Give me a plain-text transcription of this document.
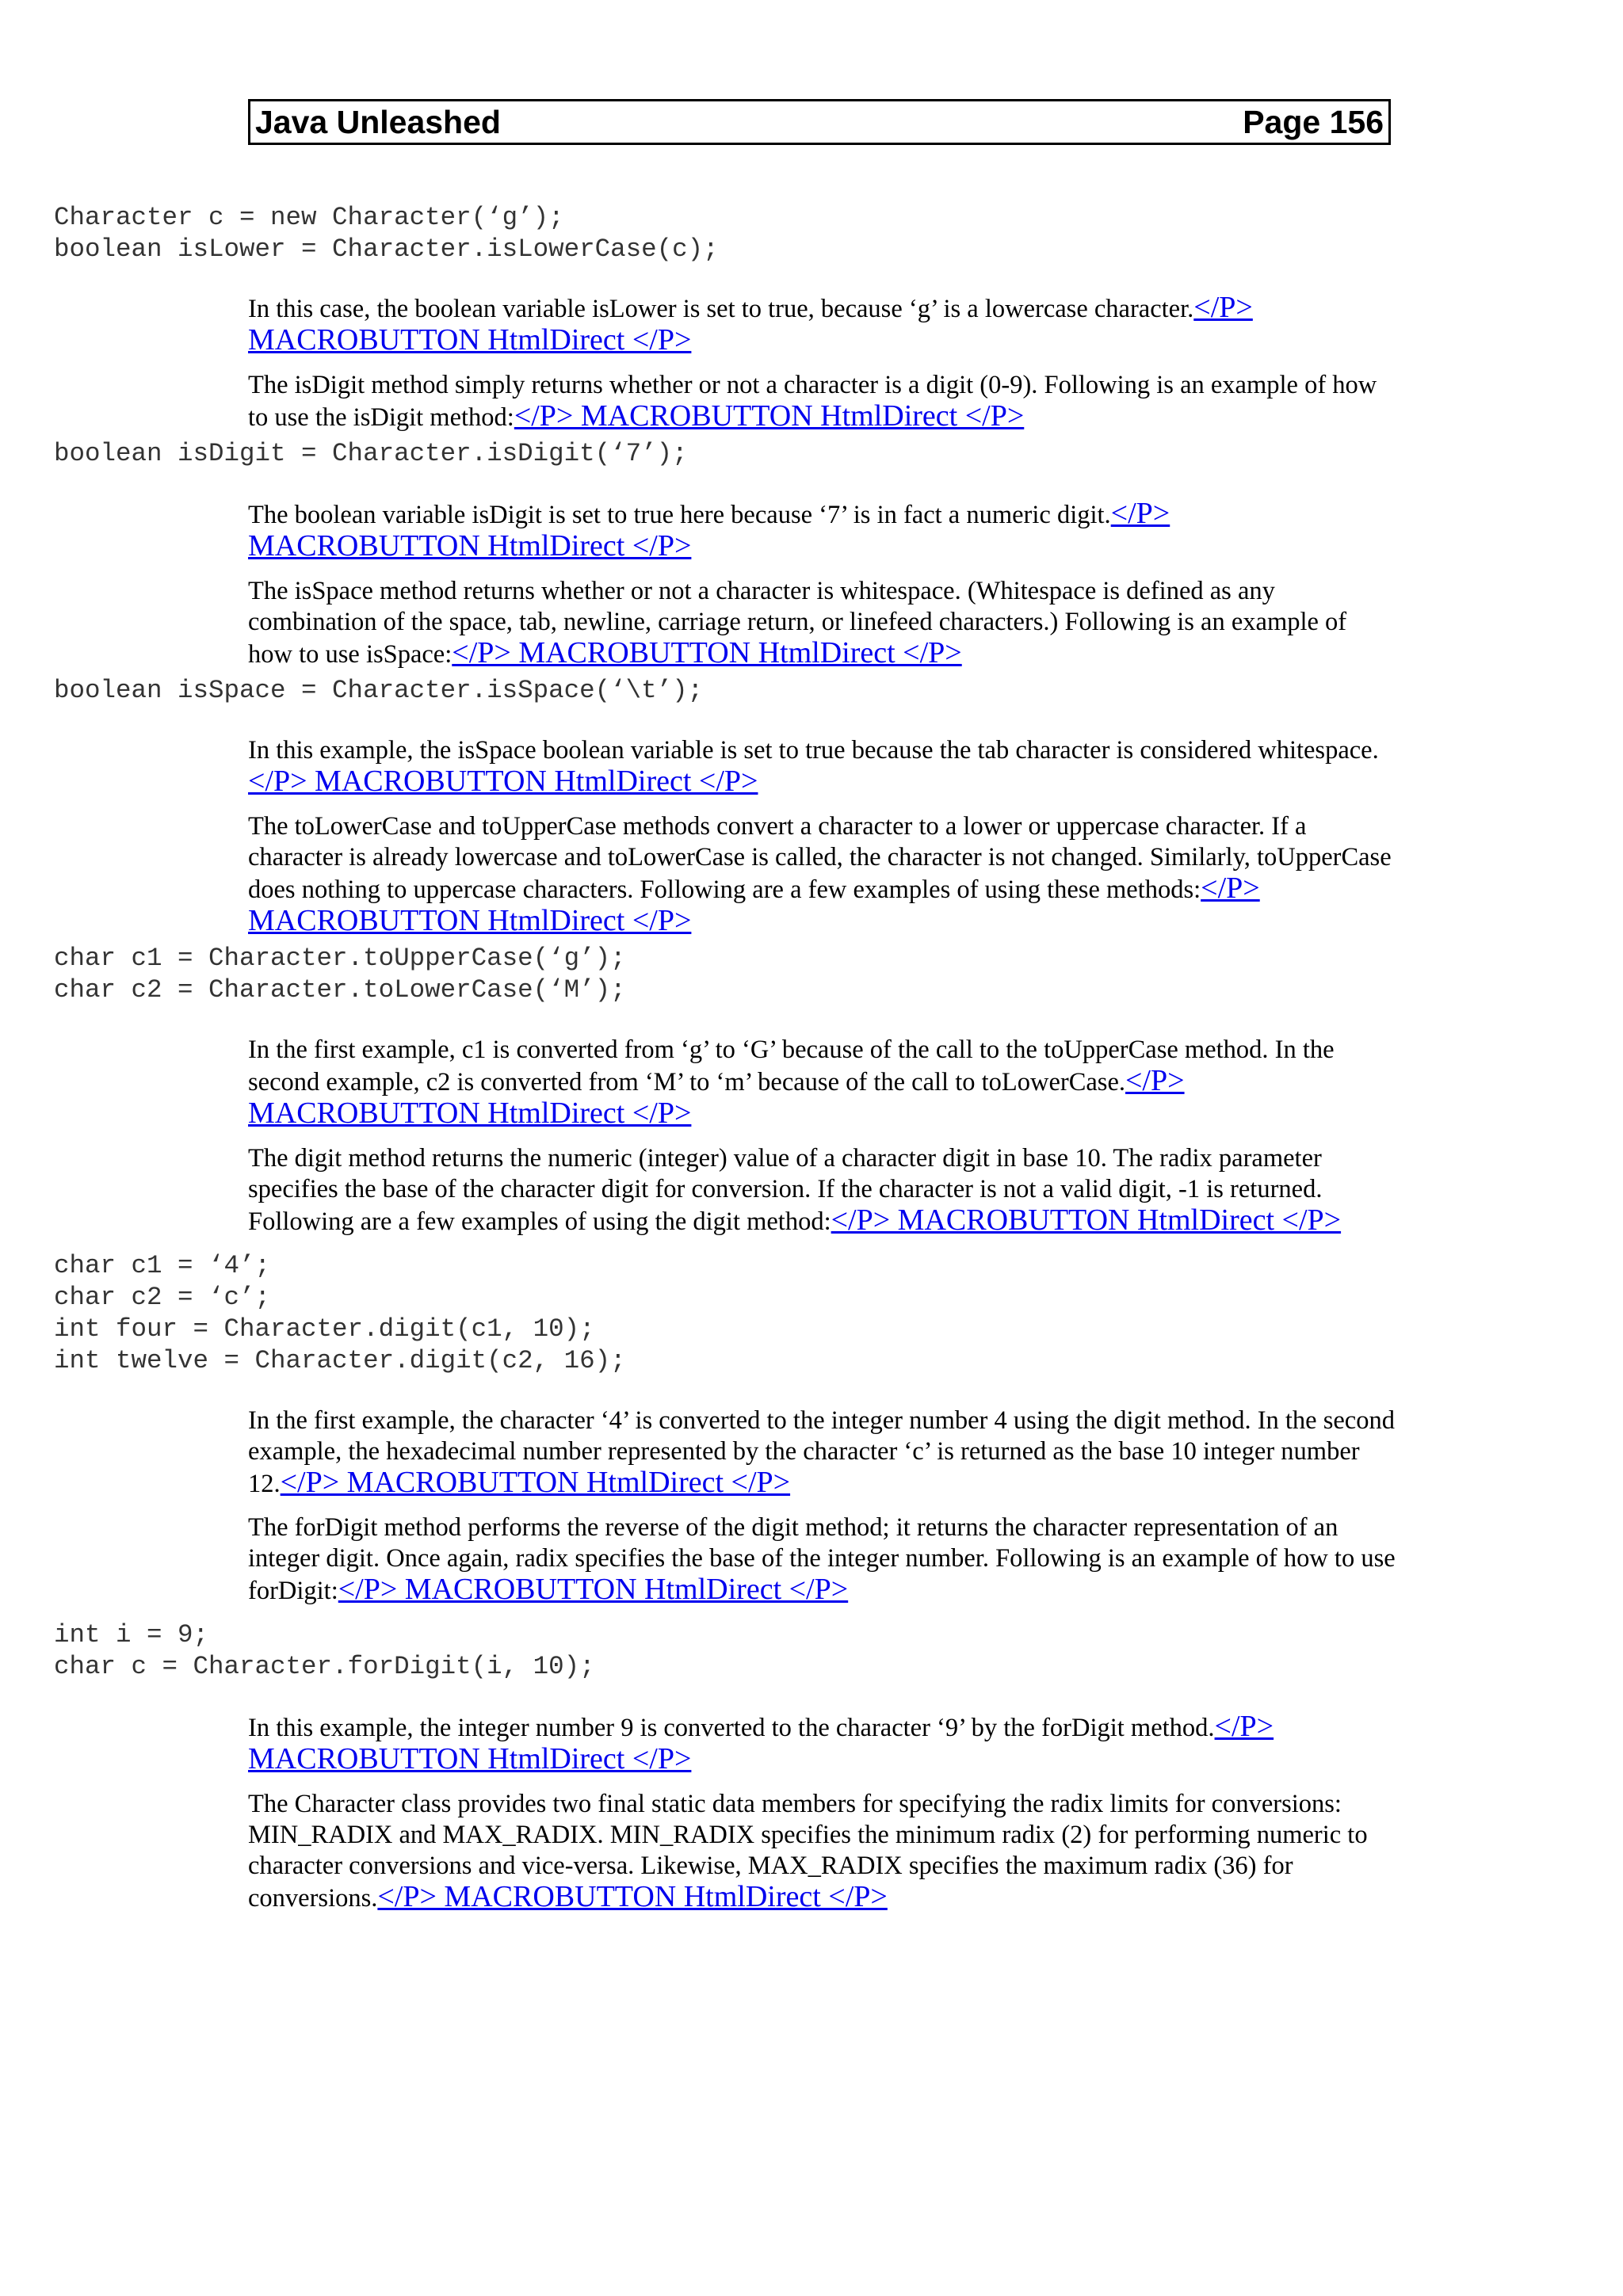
Java Unleashed	Page 156
Character c = new Character(‘g’);
boolean isLower = Character.isLowerCase(c);

In this case, the boolean variable isLower is set to true, because ‘g’ is a lowercase character.</P> MACROBUTTON HtmlDirect </P>

The isDigit method simply returns whether or not a character is a digit (0-9). Following is an example of how to use the isDigit method:</P> MACROBUTTON HtmlDirect </P>

boolean isDigit = Character.isDigit(‘7’);

The boolean variable isDigit is set to true here because ‘7’ is in fact a numeric digit.</P> MACROBUTTON HtmlDirect </P>

The isSpace method returns whether or not a character is whitespace. (Whitespace is defined as any combination of the space, tab, newline, carriage return, or linefeed characters.) Following is an example of how to use isSpace:</P> MACROBUTTON HtmlDirect </P>

boolean isSpace = Character.isSpace(‘\t’);

In this example, the isSpace boolean variable is set to true because the tab character is considered whitespace.</P> MACROBUTTON HtmlDirect </P>

The toLowerCase and toUpperCase methods convert a character to a lower or uppercase character. If a character is already lowercase and toLowerCase is called, the character is not changed. Similarly, toUpperCase does nothing to uppercase characters. Following are a few examples of using these methods:</P> MACROBUTTON HtmlDirect </P>

char c1 = Character.toUpperCase(‘g’);
char c2 = Character.toLowerCase(‘M’);

In the first example, c1 is converted from ‘g’ to ‘G’ because of the call to the toUpperCase method. In the second example, c2 is converted from ‘M’ to ‘m’ because of the call to toLowerCase.</P> MACROBUTTON HtmlDirect </P>

The digit method returns the numeric (integer) value of a character digit in base 10. The radix parameter specifies the base of the character digit for conversion. If the character is not a valid digit, -1 is returned. Following are a few examples of using the digit method:</P> MACROBUTTON HtmlDirect </P>

char c1 = ‘4’;
char c2 = ‘c’;
int four = Character.digit(c1, 10);
int twelve = Character.digit(c2, 16);

In the first example, the character ‘4’ is converted to the integer number 4 using the digit method. In the second example, the hexadecimal number represented by the character ‘c’ is returned as the base 10 integer number 12.</P> MACROBUTTON HtmlDirect </P>

The forDigit method performs the reverse of the digit method; it returns the character representation of an integer digit. Once again, radix specifies the base of the integer number. Following is an example of how to use forDigit:</P> MACROBUTTON HtmlDirect </P>

int i = 9;
char c = Character.forDigit(i, 10);

In this example, the integer number 9 is converted to the character ‘9’ by the forDigit method.</P> MACROBUTTON HtmlDirect </P>

The Character class provides two final static data members for specifying the radix limits for conversions: MIN_RADIX and MAX_RADIX. MIN_RADIX specifies the minimum radix (2) for performing numeric to character conversions and vice-versa. Likewise, MAX_RADIX specifies the maximum radix (36) for conversions.</P> MACROBUTTON HtmlDirect </P>
